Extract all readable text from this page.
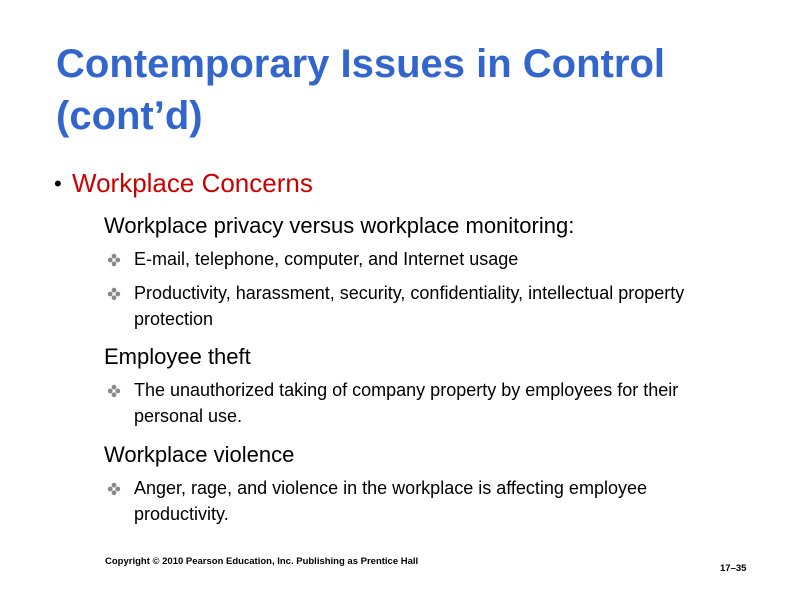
Contemporary Issues in Control
(cont’d)
• Workplace Concerns
Workplace privacy versus workplace monitoring:
E-mail, telephone, computer, and Internet usage
Productivity, harassment, security, confidentiality, intellectual property protection
Employee theft
The unauthorized taking of company property by employees for their personal use.
Workplace violence
Anger, rage, and violence in the workplace is affecting employee productivity.
Copyright © 2010 Pearson Education, Inc. Publishing as Prentice Hall
17–35
